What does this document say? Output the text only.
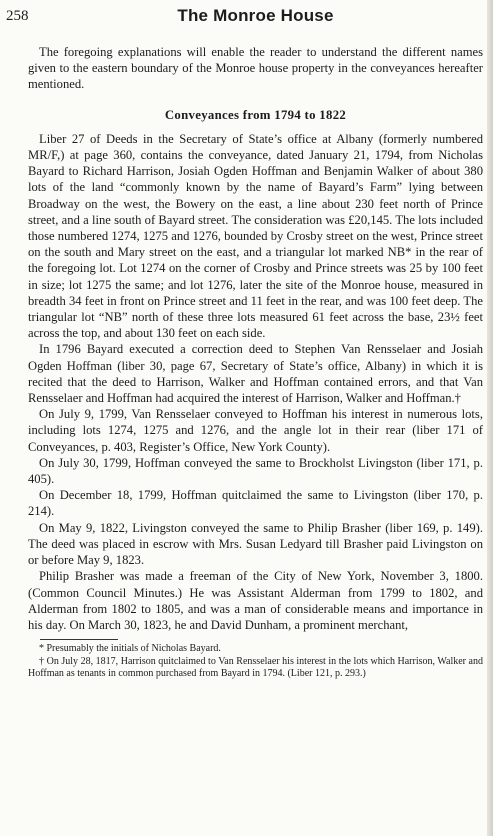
258	The Monroe House

The foregoing explanations will enable the reader to understand the different names given to the eastern boundary of the Monroe house property in the conveyances hereafter mentioned.

Conveyances from 1794 to 1822

Liber 27 of Deeds in the Secretary of State’s office at Albany (formerly numbered MR/F,) at page 360, contains the conveyance, dated January 21, 1794, from Nicholas Bayard to Richard Harrison, Josiah Ogden Hoffman and Benjamin Walker of about 380 lots of the land “commonly known by the name of Bayard’s Farm” lying between Broadway on the west, the Bowery on the east, a line about 230 feet north of Prince street, and a line south of Bayard street. The consideration was £20,145. The lots included those numbered 1274, 1275 and 1276, bounded by Crosby street on the west, Prince street on the south and Mary street on the east, and a triangular lot marked NB* in the rear of the foregoing lot. Lot 1274 on the corner of Crosby and Prince streets was 25 by 100 feet in size; lot 1275 the same; and lot 1276, later the site of the Monroe house, measured in breadth 34 feet in front on Prince street and 11 feet in the rear, and was 100 feet deep. The triangular lot “NB” north of these three lots measured 61 feet across the base, 23½ feet across the top, and about 130 feet on each side.

In 1796 Bayard executed a correction deed to Stephen Van Rensselaer and Josiah Ogden Hoffman (liber 30, page 67, Secretary of State’s office, Albany) in which it is recited that the deed to Harrison, Walker and Hoffman contained errors, and that Van Rensselaer and Hoffman had acquired the interest of Harrison, Walker and Hoffman.†

On July 9, 1799, Van Rensselaer conveyed to Hoffman his interest in numerous lots, including lots 1274, 1275 and 1276, and the angle lot in their rear (liber 171 of Conveyances, p. 403, Register’s Office, New York County).

On July 30, 1799, Hoffman conveyed the same to Brockholst Livingston (liber 171, p. 405).

On December 18, 1799, Hoffman quitclaimed the same to Livingston (liber 170, p. 214).

On May 9, 1822, Livingston conveyed the same to Philip Brasher (liber 169, p. 149). The deed was placed in escrow with Mrs. Susan Ledyard till Brasher paid Livingston on or before May 9, 1823.

Philip Brasher was made a freeman of the City of New York, November 3, 1800. (Common Council Minutes.) He was Assistant Alderman from 1799 to 1802, and Alderman from 1802 to 1805, and was a man of considerable means and importance in his day. On March 30, 1823, he and David Dunham, a prominent merchant,

* Presumably the initials of Nicholas Bayard.

† On July 28, 1817, Harrison quitclaimed to Van Rensselaer his interest in the lots which Harrison, Walker and Hoffman as tenants in common purchased from Bayard in 1794. (Liber 121, p. 293.)
